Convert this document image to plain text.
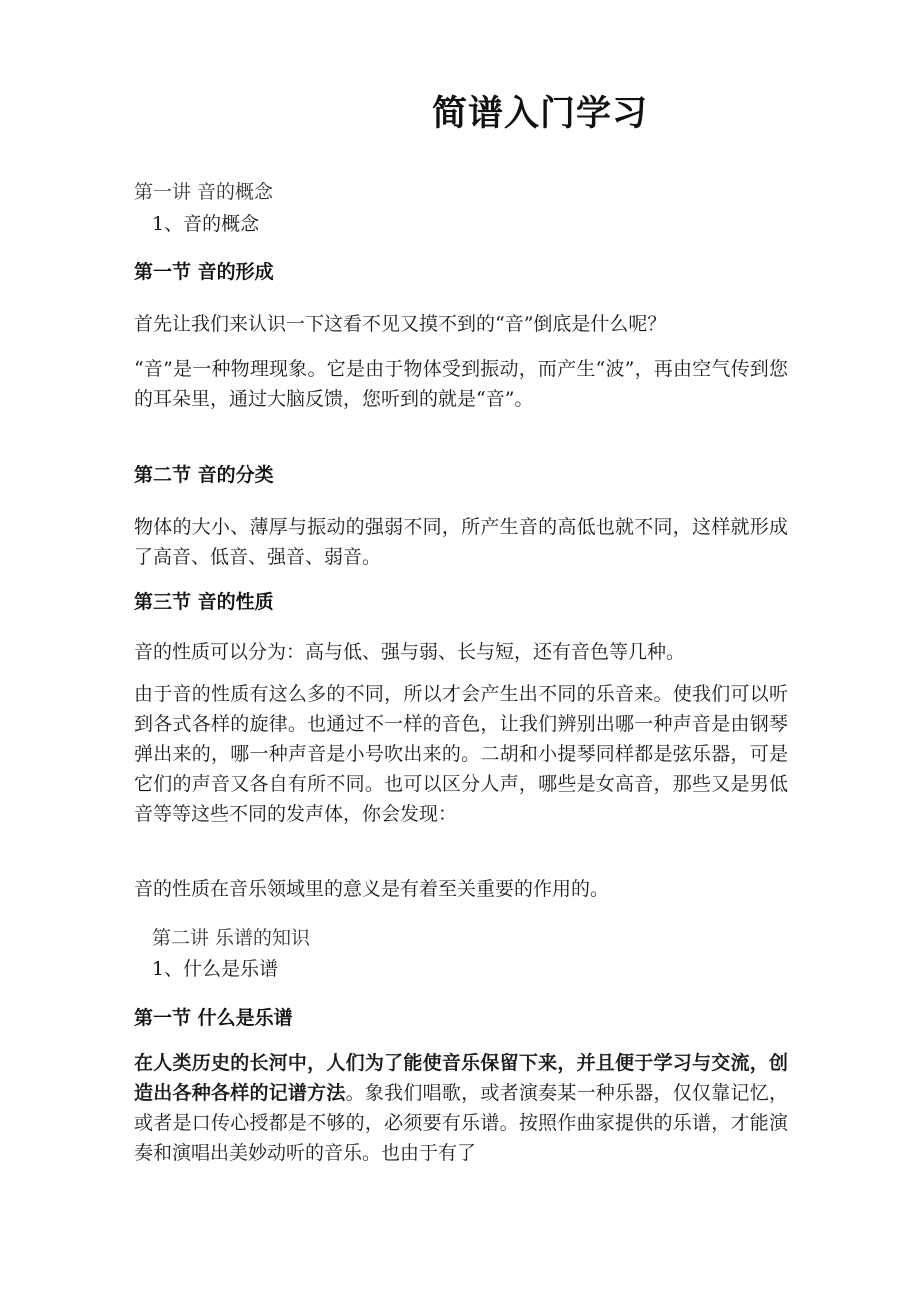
简谱入门学习
第一讲 音的概念
1、音的概念
第一节 音的形成
首先让我们来认识一下这看不见又摸不到的“音”倒底是什么呢？
“音”是一种物理现象。它是由于物体受到振动，而产生“波”，再由空气传到您的耳朵里，通过大脑反馈，您听到的就是“音”。
第二节 音的分类
物体的大小、薄厚与振动的强弱不同，所产生音的高低也就不同，这样就形成了高音、低音、强音、弱音。
第三节 音的性质
音的性质可以分为：高与低、强与弱、长与短，还有音色等几种。
由于音的性质有这么多的不同，所以才会产生出不同的乐音来。使我们可以听到各式各样的旋律。也通过不一样的音色，让我们辨别出哪一种声音是由钢琴弹出来的，哪一种声音是小号吹出来的。二胡和小提琴同样都是弦乐器，可是它们的声音又各自有所不同。也可以区分人声，哪些是女高音，那些又是男低音等等这些不同的发声体，你会发现：
音的性质在音乐领域里的意义是有着至关重要的作用的。
第二讲 乐谱的知识
1、什么是乐谱
第一节 什么是乐谱
在人类历史的长河中，人们为了能使音乐保留下来，并且便于学习与交流，创造出各种各样的记谱方法。象我们唱歌，或者演奏某一种乐器，仅仅靠记忆，或者是口传心授都是不够的，必须要有乐谱。按照作曲家提供的乐谱，才能演奏和演唱出美妙动听的音乐。也由于有了
